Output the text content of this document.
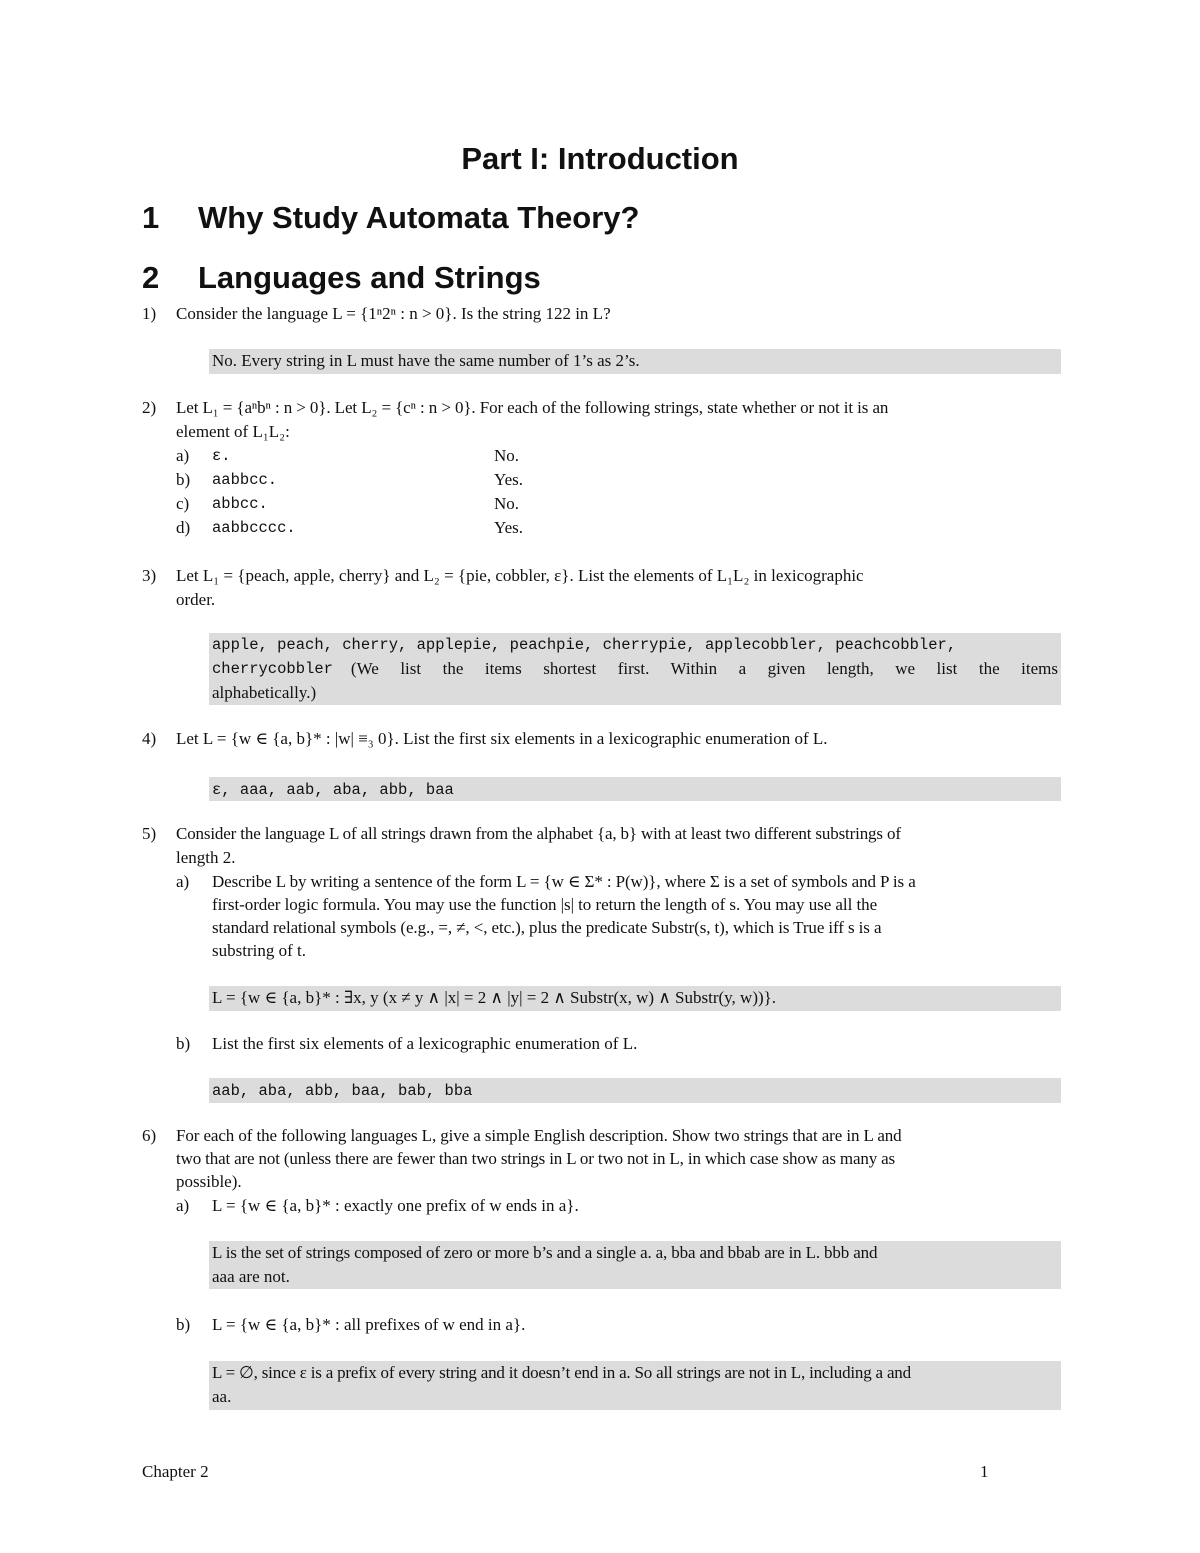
Part I: Introduction
1 Why Study Automata Theory?
2 Languages and Strings
1) Consider the language L = {1ⁿ2ⁿ : n > 0}. Is the string 122 in L?
No. Every string in L must have the same number of 1’s as 2’s.
2) Let L₁ = {aⁿbⁿ : n > 0}. Let L₂ = {cⁿ : n > 0}. For each of the following strings, state whether or not it is an
element of L₁L₂:
a) ε.	No.
b) aabbcc.	Yes.
c) abbcc.	No.
d) aabbcccc.	Yes.
3) Let L₁ = {peach, apple, cherry} and L₂ = {pie, cobbler, ε}. List the elements of L₁L₂ in lexicographic
order.
apple, peach, cherry, applepie, peachpie, cherrypie, applecobbler, peachcobbler,
cherrycobbler (We list the items shortest first. Within a given length, we list the items
alphabetically.)
4) Let L = {w ∈ {a, b}* : |w| ≡₃ 0}. List the first six elements in a lexicographic enumeration of L.
ε, aaa, aab, aba, abb, baa
5) Consider the language L of all strings drawn from the alphabet {a, b} with at least two different substrings of
length 2.
a) Describe L by writing a sentence of the form L = {w ∈ Σ* : P(w)}, where Σ is a set of symbols and P is a
first-order logic formula. You may use the function |s| to return the length of s. You may use all the
standard relational symbols (e.g., =, ≠, <, etc.), plus the predicate Substr(s, t), which is True iff s is a
substring of t.
L = {w ∈ {a, b}* : ∃x, y (x ≠ y ∧ |x| = 2 ∧ |y| = 2 ∧ Substr(x, w) ∧ Substr(y, w))}.
b) List the first six elements of a lexicographic enumeration of L.
aab, aba, abb, baa, bab, bba
6) For each of the following languages L, give a simple English description. Show two strings that are in L and
two that are not (unless there are fewer than two strings in L or two not in L, in which case show as many as
possible).
a) L = {w ∈ {a, b}* : exactly one prefix of w ends in a}.
L is the set of strings composed of zero or more b’s and a single a. a, bba and bbab are in L. bbb and
aaa are not.
b) L = {w ∈ {a, b}* : all prefixes of w end in a}.
L = ∅, since ε is a prefix of every string and it doesn’t end in a. So all strings are not in L, including a and
aa.
Chapter 2	1
